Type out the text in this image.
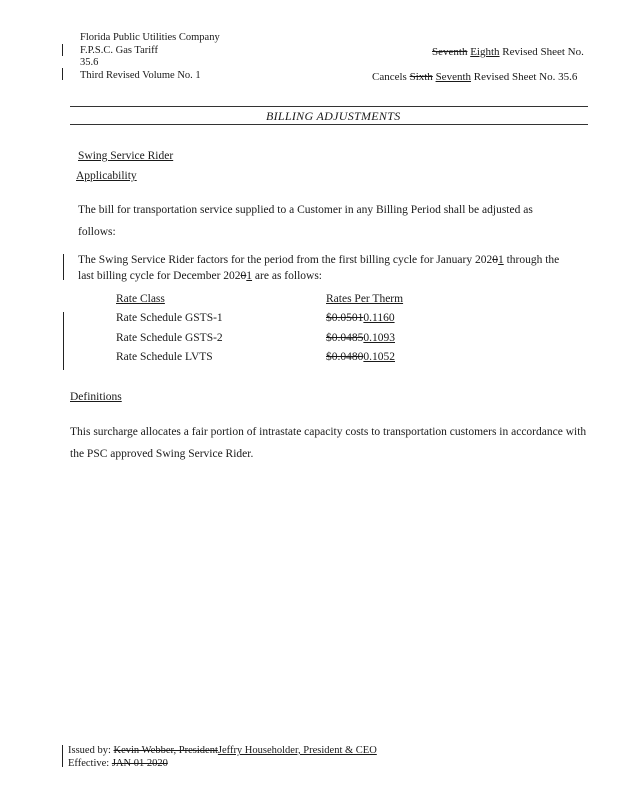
Florida Public Utilities Company
F.P.S.C. Gas Tariff
35.6
Third Revised Volume No. 1
Seventh Eighth Revised Sheet No.
Cancels Sixth Seventh Revised Sheet No. 35.6
BILLING ADJUSTMENTS
Swing Service Rider
Applicability
The bill for transportation service supplied to a Customer in any Billing Period shall be adjusted as
follows:
The Swing Service Rider factors for the period from the first billing cycle for January 20201 through the
last billing cycle for December 20201 are as follows:
Rate Class	Rates Per Therm
Rate Schedule GSTS-1	$0.05010.1160
Rate Schedule GSTS-2	$0.04850.1093
Rate Schedule LVTS	$0.04800.1052
Definitions
This surcharge allocates a fair portion of intrastate capacity costs to transportation customers in accordance with
the PSC approved Swing Service Rider.
Issued by: Kevin Webber, PresidentJeffry Householder, President & CEO
Effective: JAN 01 2020
